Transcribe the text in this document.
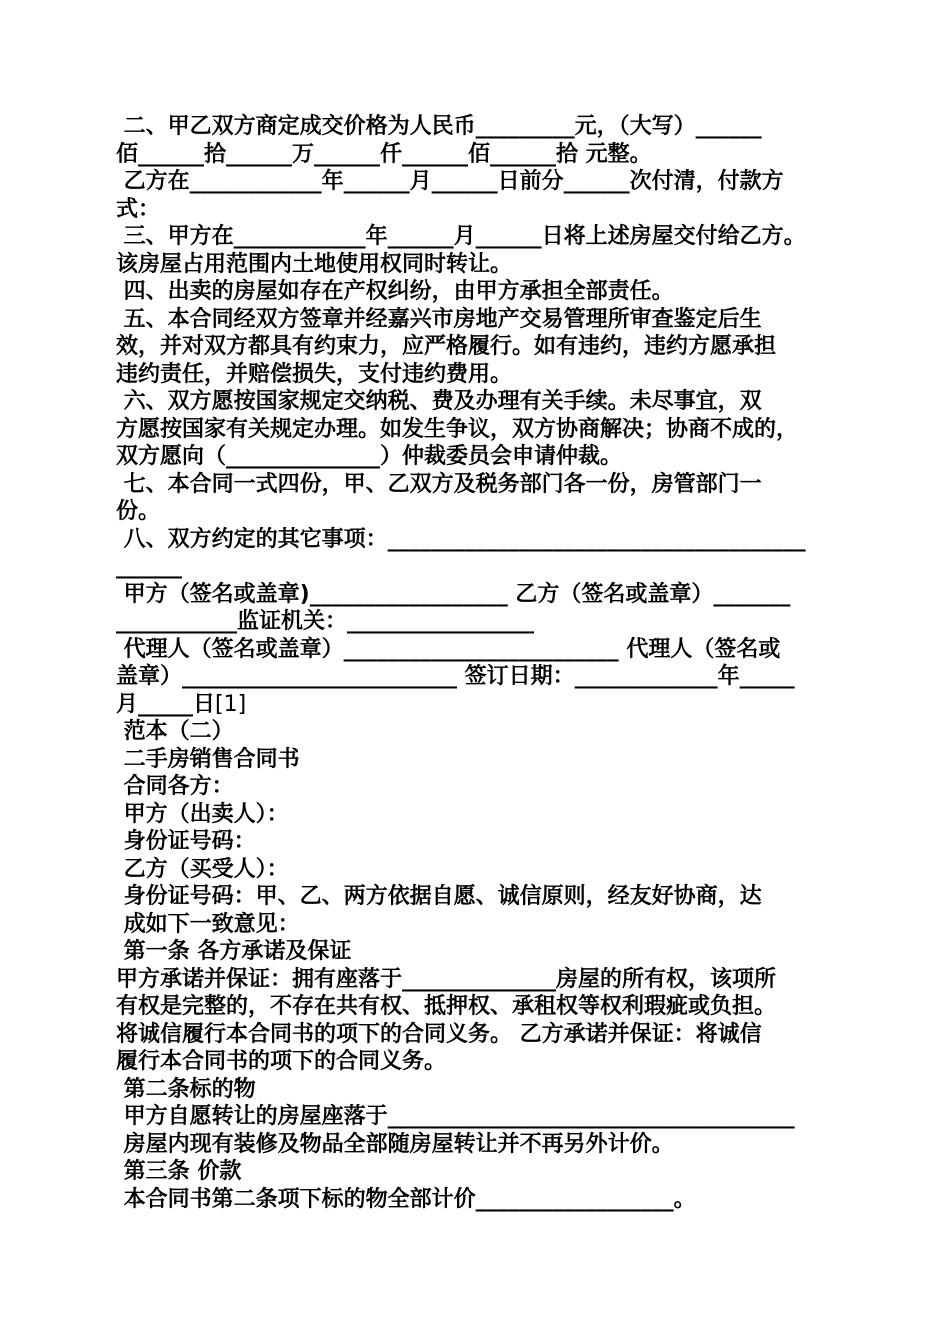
二、甲乙双方商定成交价格为人民币_________元，（大写）______
佰______拾______万______仟______佰______拾 元整。
乙方在____________年______月______日前分______次付清，付款方
式：
三、甲方在____________年______月______日将上述房屋交付给乙方。
该房屋占用范围内土地使用权同时转让。
四、出卖的房屋如存在产权纠纷，由甲方承担全部责任。
五、本合同经双方签章并经嘉兴市房地产交易管理所审查鉴定后生
效，并对双方都具有约束力，应严格履行。如有违约，违约方愿承担
违约责任，并赔偿损失，支付违约费用。
六、双方愿按国家规定交纳税、费及办理有关手续。未尽事宜，双
方愿按国家有关规定办理。如发生争议，双方协商解决；协商不成的，
双方愿向（______________）仲裁委员会申请仲裁。
七、本合同一式四份，甲、乙双方及税务部门各一份，房管部门一
份。
八、双方约定的其它事项：______________________________________
______
甲方（签名或盖章)__________________ 乙方（签名或盖章）_______
___________监证机关：_________________
代理人（签名或盖章）_________________________ 代理人（签名或
盖章）_________________________ 签订日期：_____________年_____
月_____日[1]
范本（二）
二手房销售合同书
合同各方：
甲方（出卖人）：
身份证号码：
乙方（买受人）：
身份证号码：甲、乙、两方依据自愿、诚信原则，经友好协商，达
成如下一致意见：
第一条 各方承诺及保证
甲方承诺并保证：拥有座落于______________房屋的所有权，该项所
有权是完整的，不存在共有权、抵押权、承租权等权利瑕疵或负担。
将诚信履行本合同书的项下的合同义务。 乙方承诺并保证：将诚信
履行本合同书的项下的合同义务。
第二条标的物
甲方自愿转让的房屋座落于_____________________________________
房屋内现有装修及物品全部随房屋转让并不再另外计价。
第三条 价款
本合同书第二条项下标的物全部计价__________________。
